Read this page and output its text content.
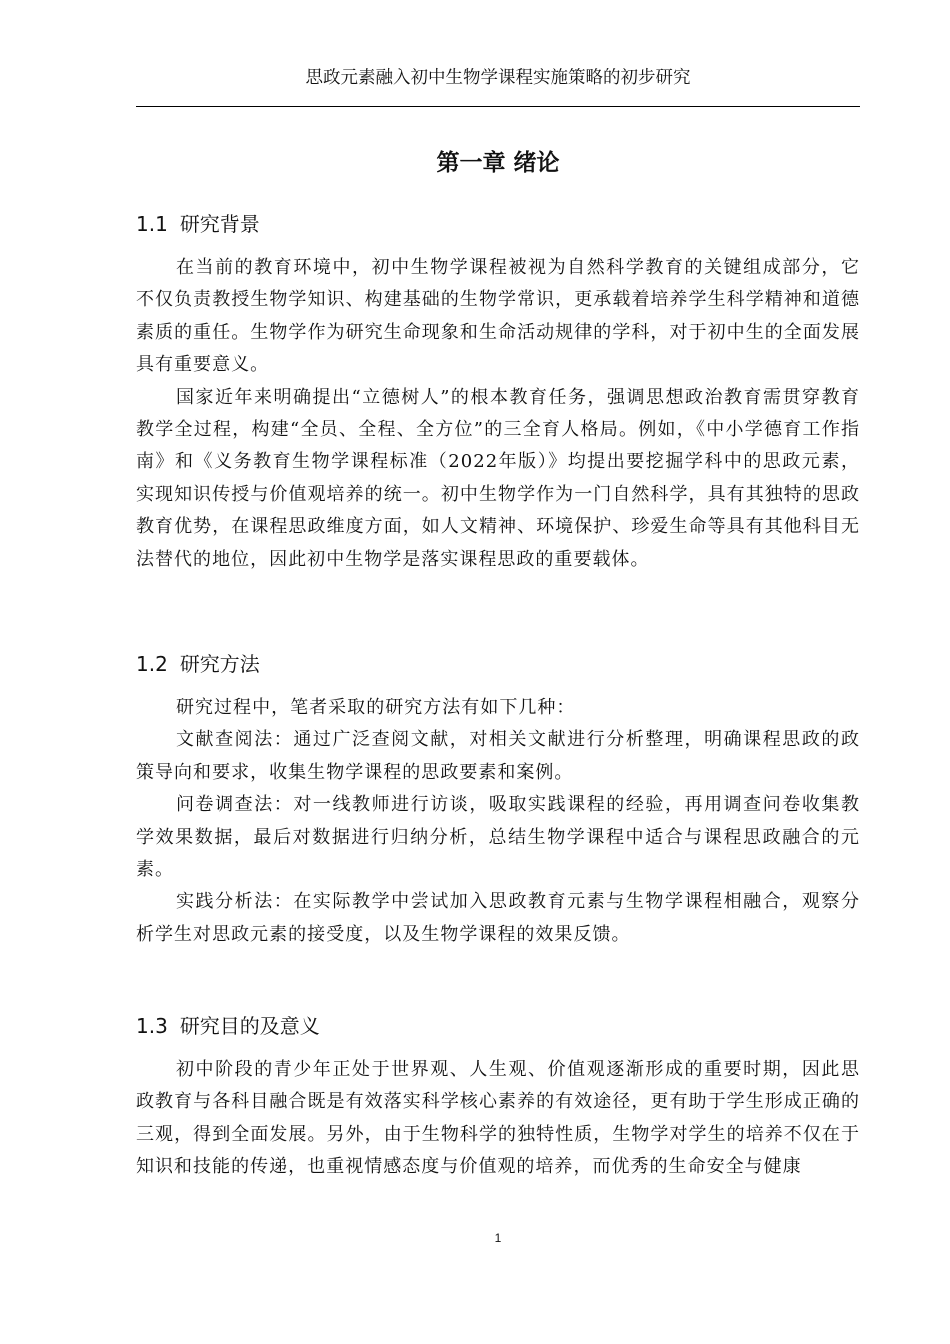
思政元素融入初中生物学课程实施策略的初步研究
第一章 绪论
1.1 研究背景

在当前的教育环境中，初中生物学课程被视为自然科学教育的关键组成部分，它不仅负责教授生物学知识、构建基础的生物学常识，更承载着培养学生科学精神和道德素质的重任。生物学作为研究生命现象和生命活动规律的学科，对于初中生的全面发展具有重要意义。

国家近年来明确提出“立德树人”的根本教育任务，强调思想政治教育需贯穿教育教学全过程，构建“全员、全程、全方位”的三全育人格局。例如，《中小学德育工作指南》和《义务教育生物学课程标准（2022年版）》均提出要挖掘学科中的思政元素，实现知识传授与价值观培养的统一。初中生物学作为一门自然科学，具有其独特的思政教育优势，在课程思政维度方面，如人文精神、环境保护、珍爱生命等具有其他科目无法替代的地位，因此初中生物学是落实课程思政的重要载体。

1.2 研究方法

研究过程中，笔者采取的研究方法有如下几种：

文献查阅法：通过广泛查阅文献，对相关文献进行分析整理，明确课程思政的政策导向和要求，收集生物学课程的思政要素和案例。

问卷调查法：对一线教师进行访谈，吸取实践课程的经验，再用调查问卷收集教学效果数据，最后对数据进行归纳分析，总结生物学课程中适合与课程思政融合的元素。

实践分析法：在实际教学中尝试加入思政教育元素与生物学课程相融合，观察分析学生对思政元素的接受度，以及生物学课程的效果反馈。

1.3 研究目的及意义

初中阶段的青少年正处于世界观、人生观、价值观逐渐形成的重要时期，因此思政教育与各科目融合既是有效落实科学核心素养的有效途径，更有助于学生形成正确的三观，得到全面发展。另外，由于生物科学的独特性质，生物学对学生的培养不仅在于知识和技能的传递，也重视情感态度与价值观的培养，而优秀的生命安全与健康

1
